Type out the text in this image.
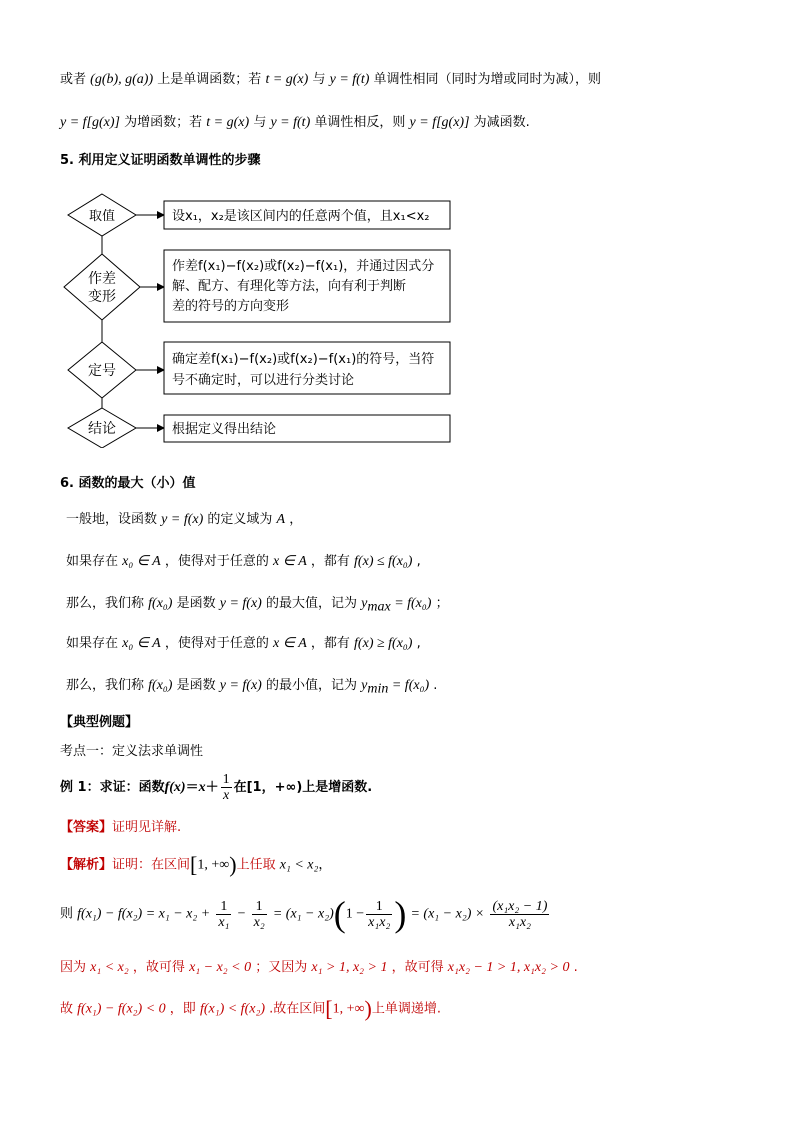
或者 (g(b), g(a)) 上是单调函数；若 t = g(x) 与 y = f(t) 单调性相同（同时为增或同时为减），则
y = f[g(x)] 为增函数；若 t = g(x) 与 y = f(t) 单调性相反，则 y = f[g(x)] 为减函数.
5. 利用定义证明函数单调性的步骤
取值	设x₁，x₂是该区间内的任意两个值，且x₁<x₂
作差
变形
作差f(x₁)−f(x₂)或f(x₂)−f(x₁)，并通过因式分
解、配方、有理化等方法，向有利于判断
差的符号的方向变形
定号
确定差f(x₁)−f(x₂)或f(x₂)−f(x₁)的符号，当符
号不确定时，可以进行分类讨论
结论	根据定义得出结论
6. 函数的最大（小）值
一般地，设函数 y = f(x) 的定义域为 A ，
如果存在 x₀ ∈ A ，使得对于任意的 x ∈ A ，都有 f(x) ≤ f(x₀) ,
那么，我们称 f(x₀) 是函数 y = f(x) 的最大值，记为 $y_{max} = f(x_0)$ ；
如果存在 x₀ ∈ A ，使得对于任意的 x ∈ A ，都有 f(x) ≥ f(x₀) ,
那么，我们称 f(x₀) 是函数 y = f(x) 的最小值，记为 $y_{min} = f(x_0)$ .
【典型例题】
考点一：定义法求单调性
例 1：求证：函数$f(x)=x+ \frac{1}{x}$ 在[1，+∞)上是增函数.
【答案】证明见详解.
【解析】证明：在区间[1, +∞)上任取 x₁ < x₂，
则 $f(x_1) - f(x_2) = x_1 - x_2 + \frac{1}{\text{x₁}} - \frac{1}{\text{x₂}} = (x_1 - x_2)(1 - \frac{1}{\text{x₁x₂}}$ ) = $(x_1 - x_2) \times \frac{\text{(x₁x₂ − 1)}}{\text{x₁x₂}}$
因为 x₁ < x₂ ，故可得 x₁ − x₂ < 0 ；又因为 x₁ > 1, x₂ > 1 ，故可得 x₁x₂ − 1 > 1, x₁x₂ > 0 .
故 f(x₁) − f(x₂) < 0 ，即 f(x₁) < f(x₂) .故在区间[1, +∞)上单调递增.
